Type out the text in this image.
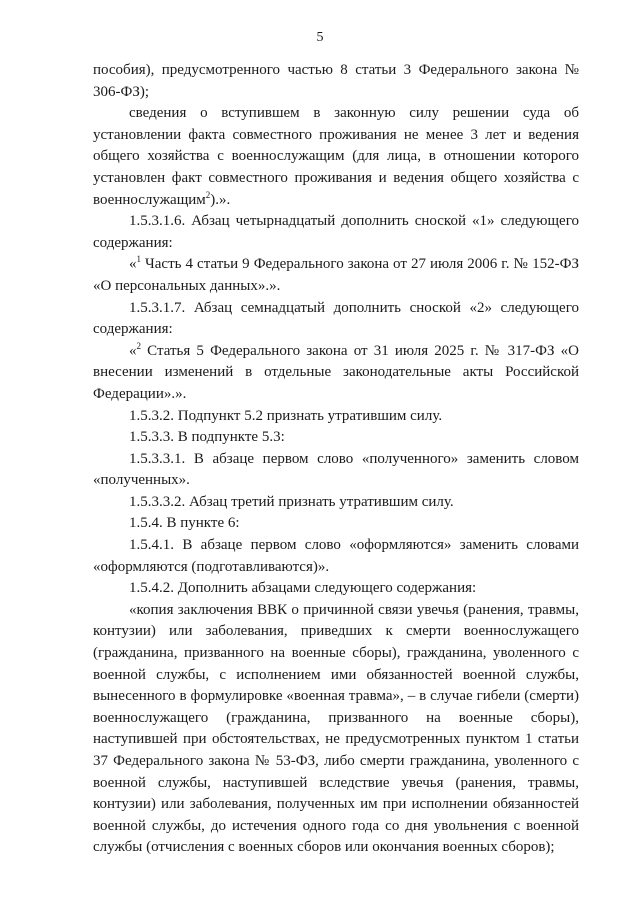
5

пособия), предусмотренного частью 8 статьи 3 Федерального закона № 306-ФЗ);

сведения о вступившем в законную силу решении суда об установлении факта совместного проживания не менее 3 лет и ведения общего хозяйства с военнослужащим (для лица, в отношении которого установлен факт совместного проживания и ведения общего хозяйства с военнослужащим$^2$).».

1.5.3.1.6. Абзац четырнадцатый дополнить сноской «1» следующего содержания:

«$^1$ Часть 4 статьи 9 Федерального закона от 27 июля 2006 г. № 152-ФЗ «О персональных данных».».

1.5.3.1.7. Абзац семнадцатый дополнить сноской «2» следующего содержания:

«$^2$ Статья 5 Федерального закона от 31 июля 2025 г. № 317-ФЗ «О внесении изменений в отдельные законодательные акты Российской Федерации».».

1.5.3.2. Подпункт 5.2 признать утратившим силу.

1.5.3.3. В подпункте 5.3:

1.5.3.3.1. В абзаце первом слово «полученного» заменить словом «полученных».

1.5.3.3.2. Абзац третий признать утратившим силу.

1.5.4. В пункте 6:

1.5.4.1. В абзаце первом слово «оформляются» заменить словами «оформляются (подготавливаются)».

1.5.4.2. Дополнить абзацами следующего содержания:

«копия заключения ВВК о причинной связи увечья (ранения, травмы, контузии) или заболевания, приведших к смерти военнослужащего (гражданина, призванного на военные сборы), гражданина, уволенного с военной службы, с исполнением ими обязанностей военной службы, вынесенного в формулировке «военная травма», – в случае гибели (смерти) военнослужащего (гражданина, призванного на военные сборы), наступившей при обстоятельствах, не предусмотренных пунктом 1 статьи 37 Федерального закона № 53-ФЗ, либо смерти гражданина, уволенного с военной службы, наступившей вследствие увечья (ранения, травмы, контузии) или заболевания, полученных им при исполнении обязанностей военной службы, до истечения одного года со дня увольнения с военной службы (отчисления с военных сборов или окончания военных сборов);
